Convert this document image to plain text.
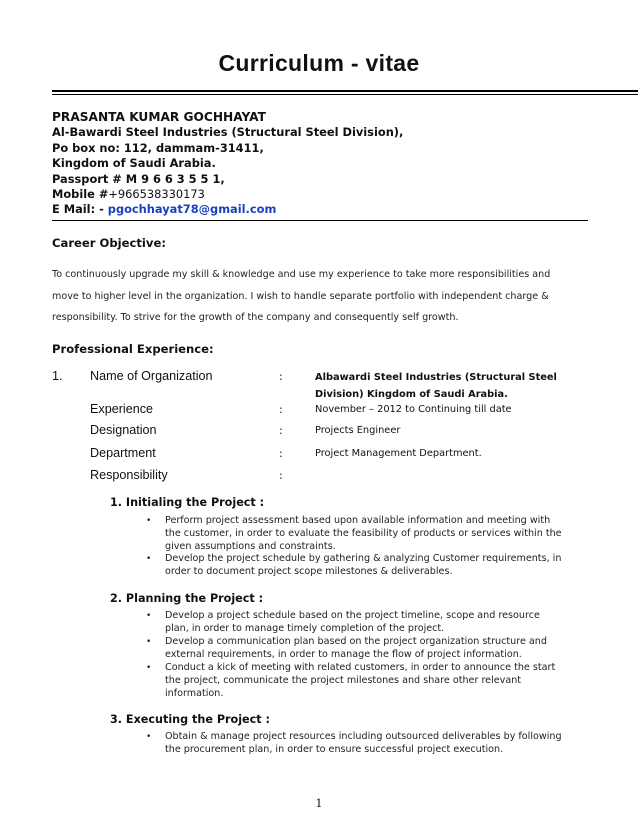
Curriculum - vitae
PRASANTA KUMAR GOCHHAYAT
Al-Bawardi Steel Industries (Structural Steel Division),
Po box no: 112, dammam-31411,
Kingdom of Saudi Arabia.
Passport # M 9 6 6 3 5 5 1,
Mobile #+966538330173
E Mail: - pgochhayat78@gmail.com
Career Objective:
To continuously upgrade my skill & knowledge and use my experience to take more responsibilities and
move to higher level in the organization. I wish to handle separate portfolio with independent charge &
responsibility. To strive for the growth of the company and consequently self growth.
Professional Experience:
1. Name of Organization	:	Albawardi Steel Industries (Structural Steel
Division) Kingdom of Saudi Arabia.
Experience	:	November – 2012 to Continuing till date
Designation	:	Projects Engineer
Department	:	Project Management Department.
Responsibility	:
1. Initialing the Project :
• Perform project assessment based upon available information and meeting with
the customer, in order to evaluate the feasibility of products or services within the
given assumptions and constraints.
• Develop the project schedule by gathering & analyzing Customer requirements, in
order to document project scope milestones & deliverables.
2. Planning the Project :
• Develop a project schedule based on the project timeline, scope and resource
plan, in order to manage timely completion of the project.
• Develop a communication plan based on the project organization structure and
external requirements, in order to manage the flow of project information.
• Conduct a kick of meeting with related customers, in order to announce the start
the project, communicate the project milestones and share other relevant
information.
3. Executing the Project :
• Obtain & manage project resources including outsourced deliverables by following
the procurement plan, in order to ensure successful project execution.
1
